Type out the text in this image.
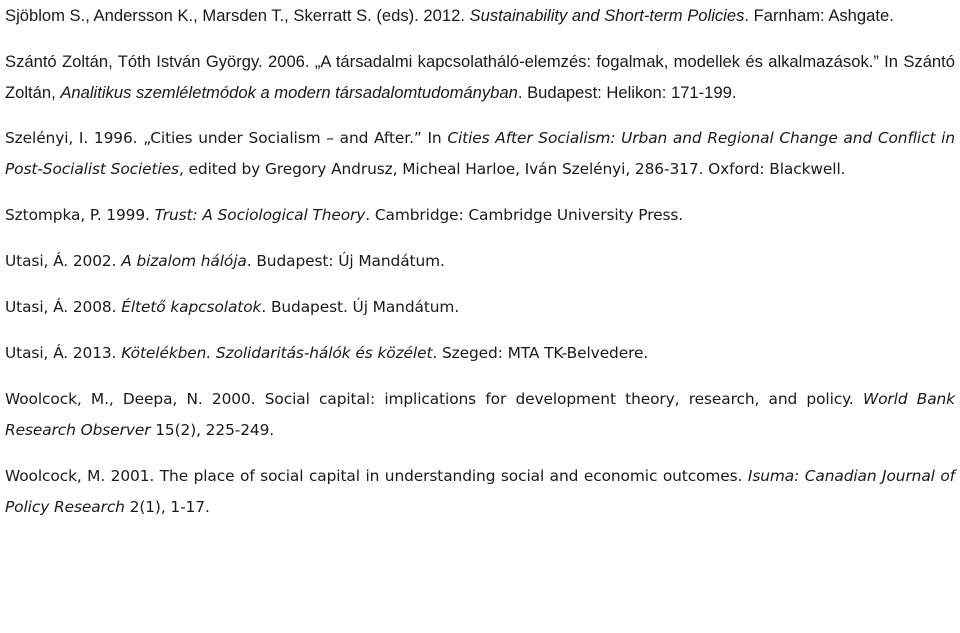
Sjöblom S., Andersson K., Marsden T., Skerratt S. (eds). 2012. Sustainability and Short-term Policies. Farnham: Ashgate.

Szántó Zoltán, Tóth István György. 2006. „A társadalmi kapcsolatháló-elemzés: fogalmak, modellek és alkalmazások.” In Szántó Zoltán, Analitikus szemléletmódok a modern társadalomtudományban. Budapest: Helikon: 171-199.

Szelényi, I. 1996. „Cities under Socialism – and After.” In Cities After Socialism: Urban and Regional Change and Conflict in Post-Socialist Societies, edited by Gregory Andrusz, Micheal Harloe, Iván Szelényi, 286-317. Oxford: Blackwell.

Sztompka, P. 1999. Trust: A Sociological Theory. Cambridge: Cambridge University Press.

Utasi, Á. 2002. A bizalom hálója. Budapest: Új Mandátum.

Utasi, Á. 2008. Éltető kapcsolatok. Budapest. Új Mandátum.

Utasi, Á. 2013. Kötelékben. Szolidaritás-hálók és közélet. Szeged: MTA TK-Belvedere.

Woolcock, M., Deepa, N. 2000. Social capital: implications for development theory, research, and policy. World Bank Research Observer 15(2), 225-249.

Woolcock, M. 2001. The place of social capital in understanding social and economic outcomes. Isuma: Canadian Journal of Policy Research 2(1), 1-17.
